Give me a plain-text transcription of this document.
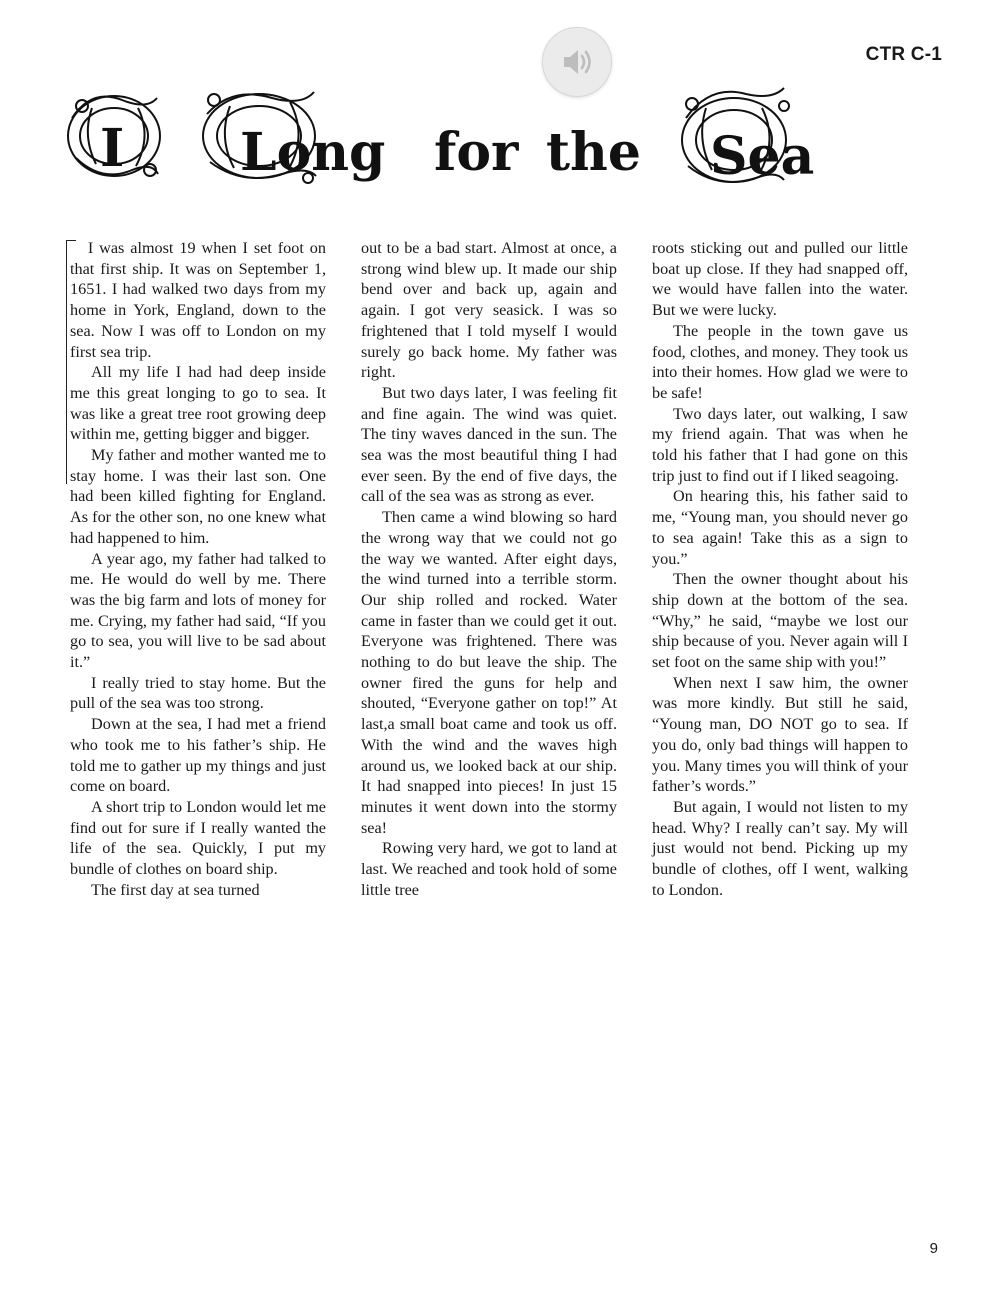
CTR C-1
I Long for the Sea

I was almost 19 when I set foot on that first ship. It was on September 1, 1651. I had walked two days from my home in York, England, down to the sea. Now I was off to London on my first sea trip.

All my life I had had deep inside me this great longing to go to sea. It was like a great tree root growing deep within me, getting bigger and bigger.

My father and mother wanted me to stay home. I was their last son. One had been killed fighting for England. As for the other son, no one knew what had happened to him.

A year ago, my father had talked to me. He would do well by me. There was the big farm and lots of money for me. Crying, my father had said, “If you go to sea, you will live to be sad about it.”

I really tried to stay home. But the pull of the sea was too strong.

Down at the sea, I had met a friend who took me to his father’s ship. He told me to gather up my things and just come on board.

A short trip to London would let me find out for sure if I really wanted the life of the sea. Quickly, I put my bundle of clothes on board ship.

The first day at sea turned

out to be a bad start. Almost at once, a strong wind blew up. It made our ship bend over and back up, again and again. I got very seasick. I was so frightened that I told myself I would surely go back home. My father was right.

But two days later, I was feeling fit and fine again. The wind was quiet. The tiny waves danced in the sun. The sea was the most beautiful thing I had ever seen. By the end of five days, the call of the sea was as strong as ever.

Then came a wind blowing so hard the wrong way that we could not go the way we wanted. After eight days, the wind turned into a terrible storm. Our ship rolled and rocked. Water came in faster than we could get it out. Everyone was frightened. There was nothing to do but leave the ship. The owner fired the guns for help and shouted, “Everyone gather on top!” At last,a small boat came and took us off. With the wind and the waves high around us, we looked back at our ship. It had snapped into pieces! In just 15 minutes it went down into the stormy sea!

Rowing very hard, we got to land at last. We reached and took hold of some little tree

roots sticking out and pulled our little boat up close. If they had snapped off, we would have fallen into the water. But we were lucky.

The people in the town gave us food, clothes, and money. They took us into their homes. How glad we were to be safe!

Two days later, out walking, I saw my friend again. That was when he told his father that I had gone on this trip just to find out if I liked seagoing.

On hearing this, his father said to me, “Young man, you should never go to sea again! Take this as a sign to you.”

Then the owner thought about his ship down at the bottom of the sea. “Why,” he said, “maybe we lost our ship because of you. Never again will I set foot on the same ship with you!”

When next I saw him, the owner was more kindly. But still he said, “Young man, DO NOT go to sea. If you do, only bad things will happen to you. Many times you will think of your father’s words.”

But again, I would not listen to my head. Why? I really can’t say. My will just would not bend. Picking up my bundle of clothes, off I went, walking to London.

9
